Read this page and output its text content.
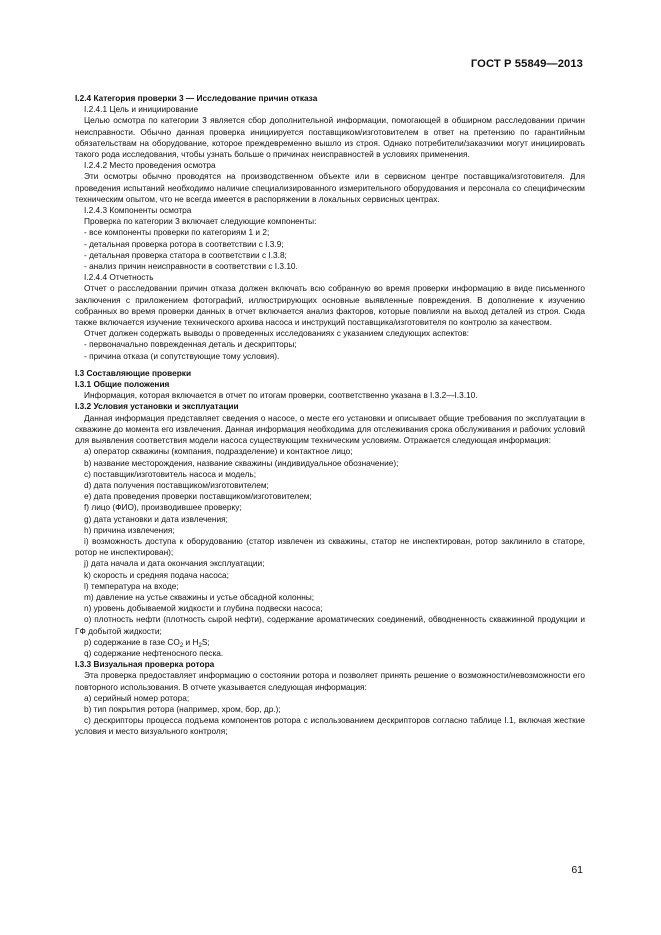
ГОСТ Р 55849—2013

I.2.4 Категория проверки 3 — Исследование причин отказа

I.2.4.1 Цель и инициирование

Целью осмотра по категории 3 является сбор дополнительной информации, помогающей в обширном расследовании причин неисправности. Обычно данная проверка инициируется поставщиком/изготовителем в ответ на претензию по гарантийным обязательствам на оборудование, которое преждевременно вышло из строя. Однако потребители/заказчики могут инициировать такого рода исследования, чтобы узнать больше о причинах неисправностей в условиях применения.

I.2.4.2 Место проведения осмотра

Эти осмотры обычно проводятся на производственном объекте или в сервисном центре поставщика/изготовителя. Для проведения испытаний необходимо наличие специализированного измерительного оборудования и персонала со специфическим техническим опытом, что не всегда имеется в распоряжении в локальных сервисных центрах.

I.2.4.3 Компоненты осмотра

Проверка по категории 3 включает следующие компоненты:

- все компоненты проверки по категориям 1 и 2;

- детальная проверка ротора в соответствии с I.3.9;

- детальная проверка статора в соответствии с I.3.8;

- анализ причин неисправности в соответствии с I.3.10.

I.2.4.4 Отчетность

Отчет о расследовании причин отказа должен включать всю собранную во время проверки информацию в виде письменного заключения с приложением фотографий, иллюстрирующих основные выявленные повреждения. В дополнение к изучению собранных во время проверки данных в отчет включается анализ факторов, которые повлияли на выход деталей из строя. Сюда также включается изучение технического архива насоса и инструкций поставщика/изготовителя по контролю за качеством.

Отчет должен содержать выводы о проведенных исследованиях с указанием следующих аспектов:

- первоначально поврежденная деталь и дескрипторы;

- причина отказа (и сопутствующие тому условия).

I.3 Составляющие проверки

I.3.1 Общие положения

Информация, которая включается в отчет по итогам проверки, соответственно указана в I.3.2—I.3.10.

I.3.2 Условия установки и эксплуатации

Данная информация представляет сведения о насосе, о месте его установки и описывает общие требования по эксплуатации в скважине до момента его извлечения. Данная информация необходима для отслеживания срока обслуживания и рабочих условий для выявления соответствия модели насоса существующим техническим условиям. Отражается следующая информация:

a) оператор скважины (компания, подразделение) и контактное лицо;

b) название месторождения, название скважины (индивидуальное обозначение);

c) поставщик/изготовитель насоса и модель;

d) дата получения поставщиком/изготовителем;

e) дата проведения проверки поставщиком/изготовителем;

f) лицо (ФИО), производившее проверку;

g) дата установки и дата извлечения;

h) причина извлечения;

i) возможность доступа к оборудованию (статор извлечен из скважины, статор не инспектирован, ротор заклинило в статоре, ротор не инспектирован);

j) дата начала и дата окончания эксплуатации;

k) скорость и средняя подача насоса;

l) температура на входе;

m) давление на устье скважины и устье обсадной колонны;

n) уровень добываемой жидкости и глубина подвески насоса;

o) плотность нефти (плотность сырой нефти), содержание ароматических соединений, обводненность скважинной продукции и ГФ добытой жидкости;

p) содержание в газе $CO_2$ и $H_2S$;

q) содержание нефтеносного песка.

I.3.3 Визуальная проверка ротора

Эта проверка предоставляет информацию о состоянии ротора и позволяет принять решение о возможности/невозможности его повторного использования. В отчете указывается следующая информация:

a) серийный номер ротора;

b) тип покрытия ротора (например, хром, бор, др.);

c) дескрипторы процесса подъема компонентов ротора с использованием дескрипторов согласно таблице I.1, включая жесткие условия и место визуального контроля;

61
